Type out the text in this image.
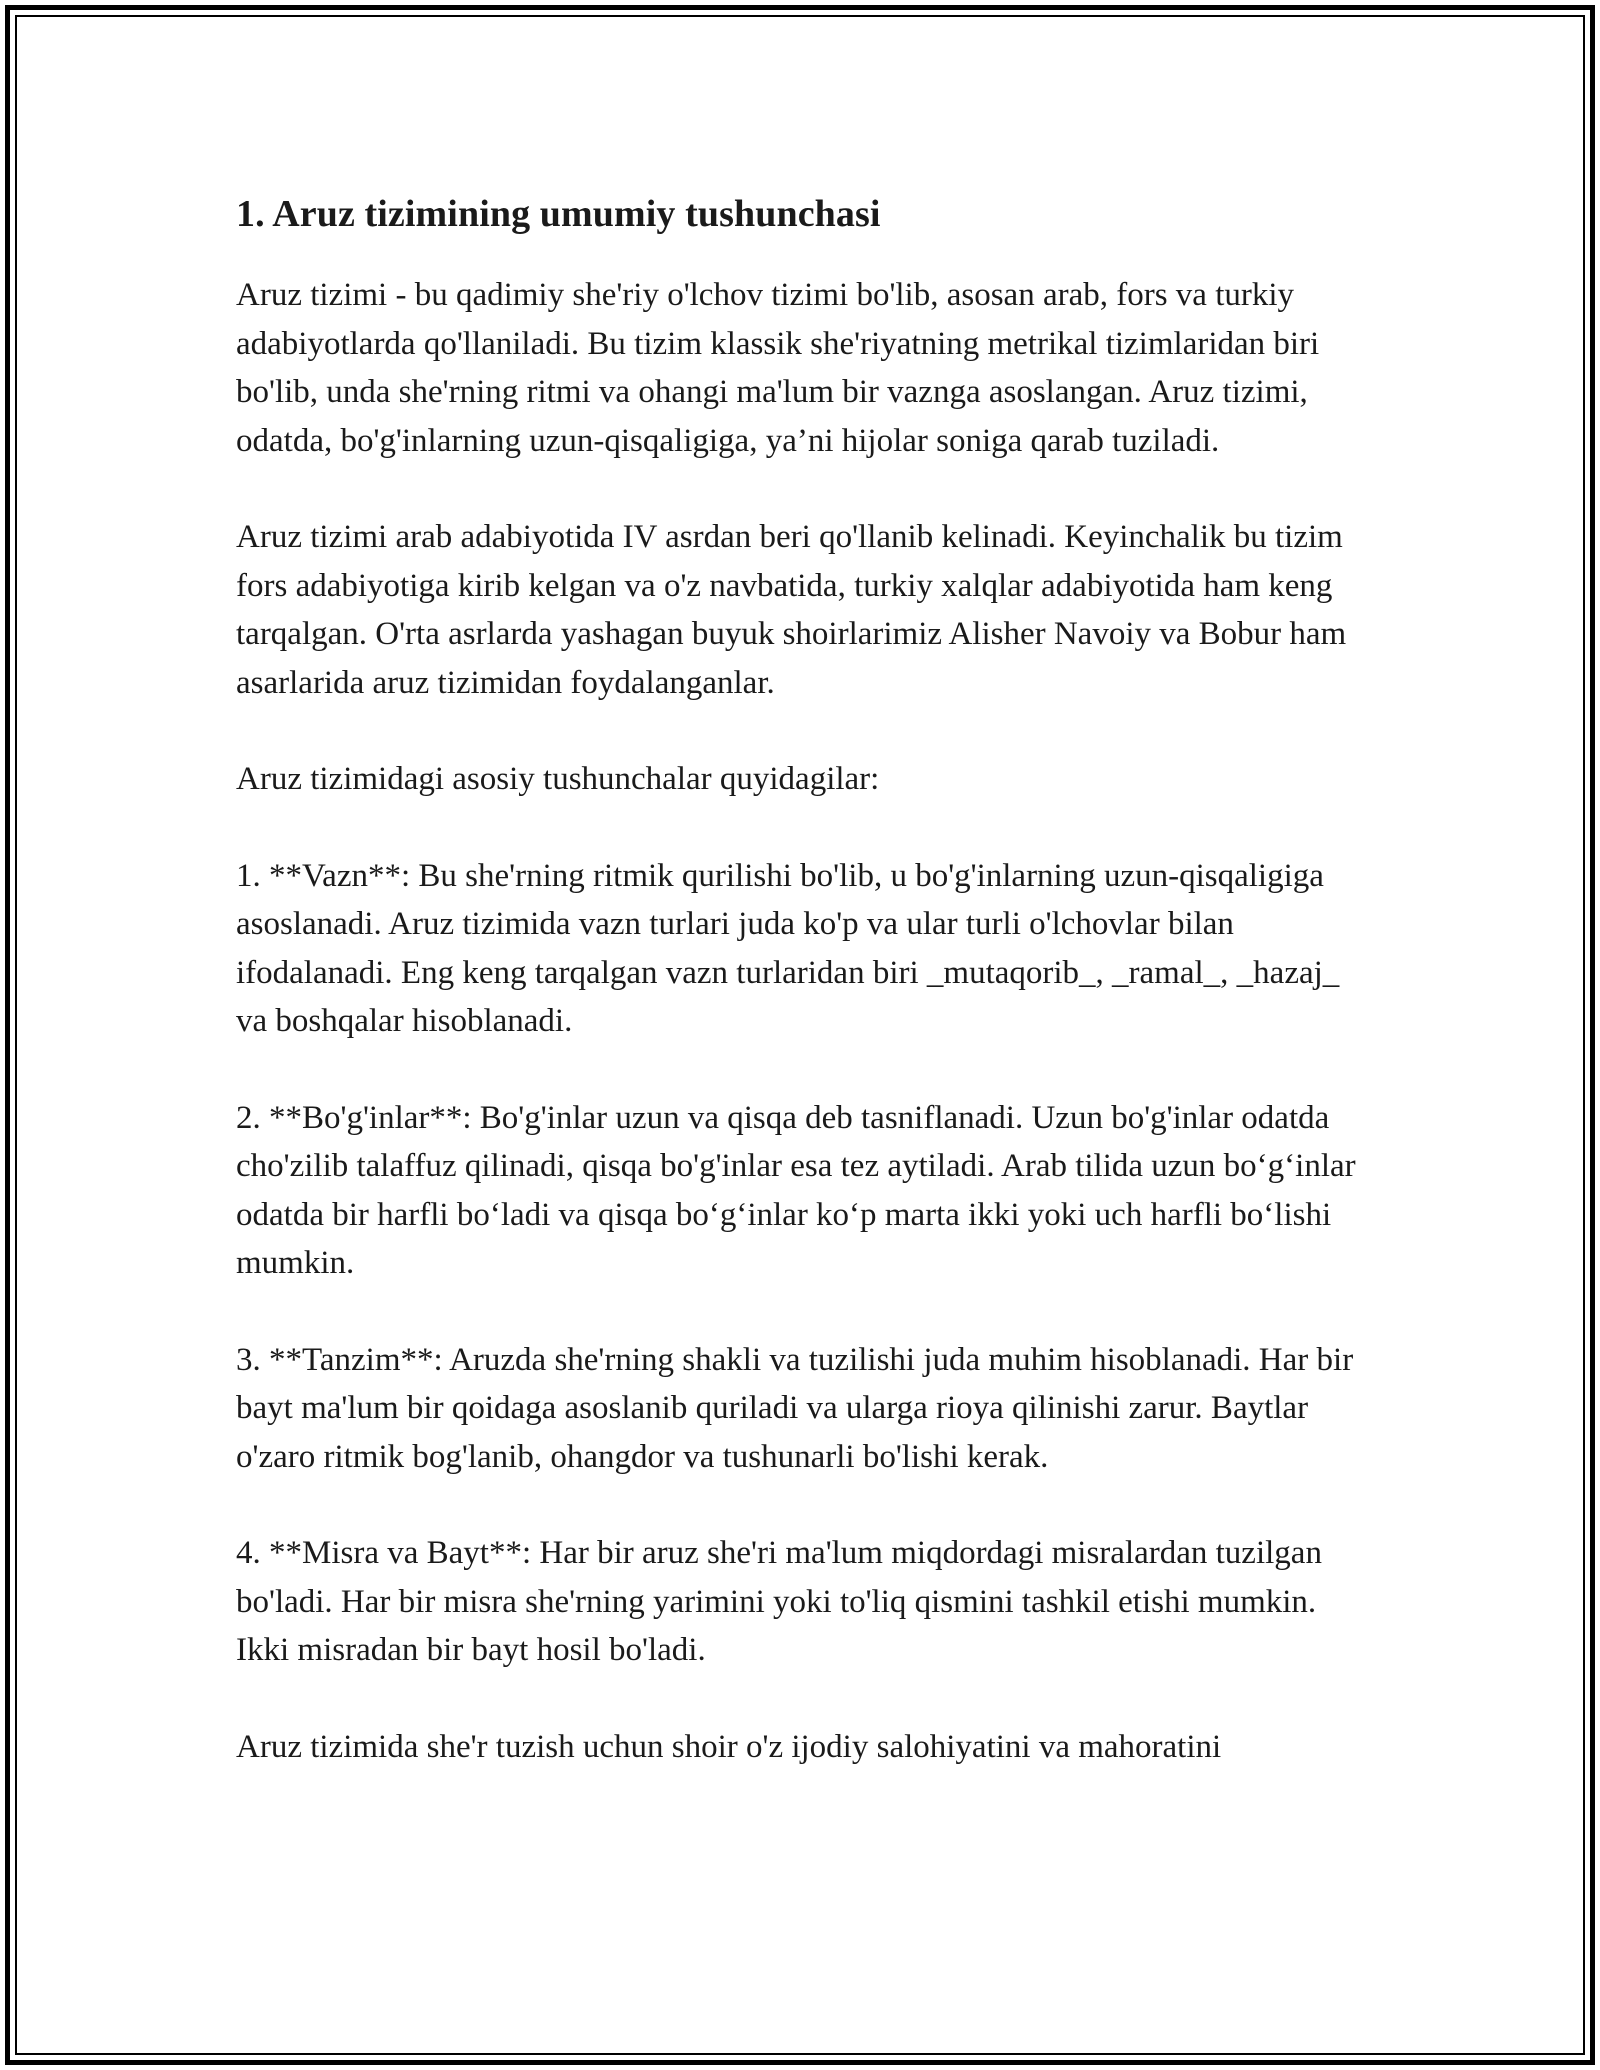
1. Aruz tizimining umumiy tushunchasi

Aruz tizimi - bu qadimiy she'riy o'lchov tizimi bo'lib, asosan arab, fors va turkiy adabiyotlarda qo'llaniladi. Bu tizim klassik she'riyatning metrikal tizimlaridan biri bo'lib, unda she'rning ritmi va ohangi ma'lum bir vaznga asoslangan. Aruz tizimi, odatda, bo'g'inlarning uzun-qisqaligiga, ya’ni hijolar soniga qarab tuziladi.

Aruz tizimi arab adabiyotida IV asrdan beri qo'llanib kelinadi. Keyinchalik bu tizim fors adabiyotiga kirib kelgan va o'z navbatida, turkiy xalqlar adabiyotida ham keng tarqalgan. O'rta asrlarda yashagan buyuk shoirlarimiz Alisher Navoiy va Bobur ham asarlarida aruz tizimidan foydalanganlar.

Aruz tizimidagi asosiy tushunchalar quyidagilar:

1. **Vazn**: Bu she'rning ritmik qurilishi bo'lib, u bo'g'inlarning uzun-qisqaligiga asoslanadi. Aruz tizimida vazn turlari juda ko'p va ular turli o'lchovlar bilan ifodalanadi. Eng keng tarqalgan vazn turlaridan biri _mutaqorib_, _ramal_, _hazaj_ va boshqalar hisoblanadi.

2. **Bo'g'inlar**: Bo'g'inlar uzun va qisqa deb tasniflanadi. Uzun bo'g'inlar odatda cho'zilib talaffuz qilinadi, qisqa bo'g'inlar esa tez aytiladi. Arab tilida uzun bo‘g‘inlar odatda bir harfli bo‘ladi va qisqa bo‘g‘inlar ko‘p marta ikki yoki uch harfli bo‘lishi mumkin.

3. **Tanzim**: Aruzda she'rning shakli va tuzilishi juda muhim hisoblanadi. Har bir bayt ma'lum bir qoidaga asoslanib quriladi va ularga rioya qilinishi zarur. Baytlar o'zaro ritmik bog'lanib, ohangdor va tushunarli bo'lishi kerak.

4. **Misra va Bayt**: Har bir aruz she'ri ma'lum miqdordagi misralardan tuzilgan bo'ladi. Har bir misra she'rning yarimini yoki to'liq qismini tashkil etishi mumkin. Ikki misradan bir bayt hosil bo'ladi.

Aruz tizimida she'r tuzish uchun shoir o'z ijodiy salohiyatini va mahoratini
